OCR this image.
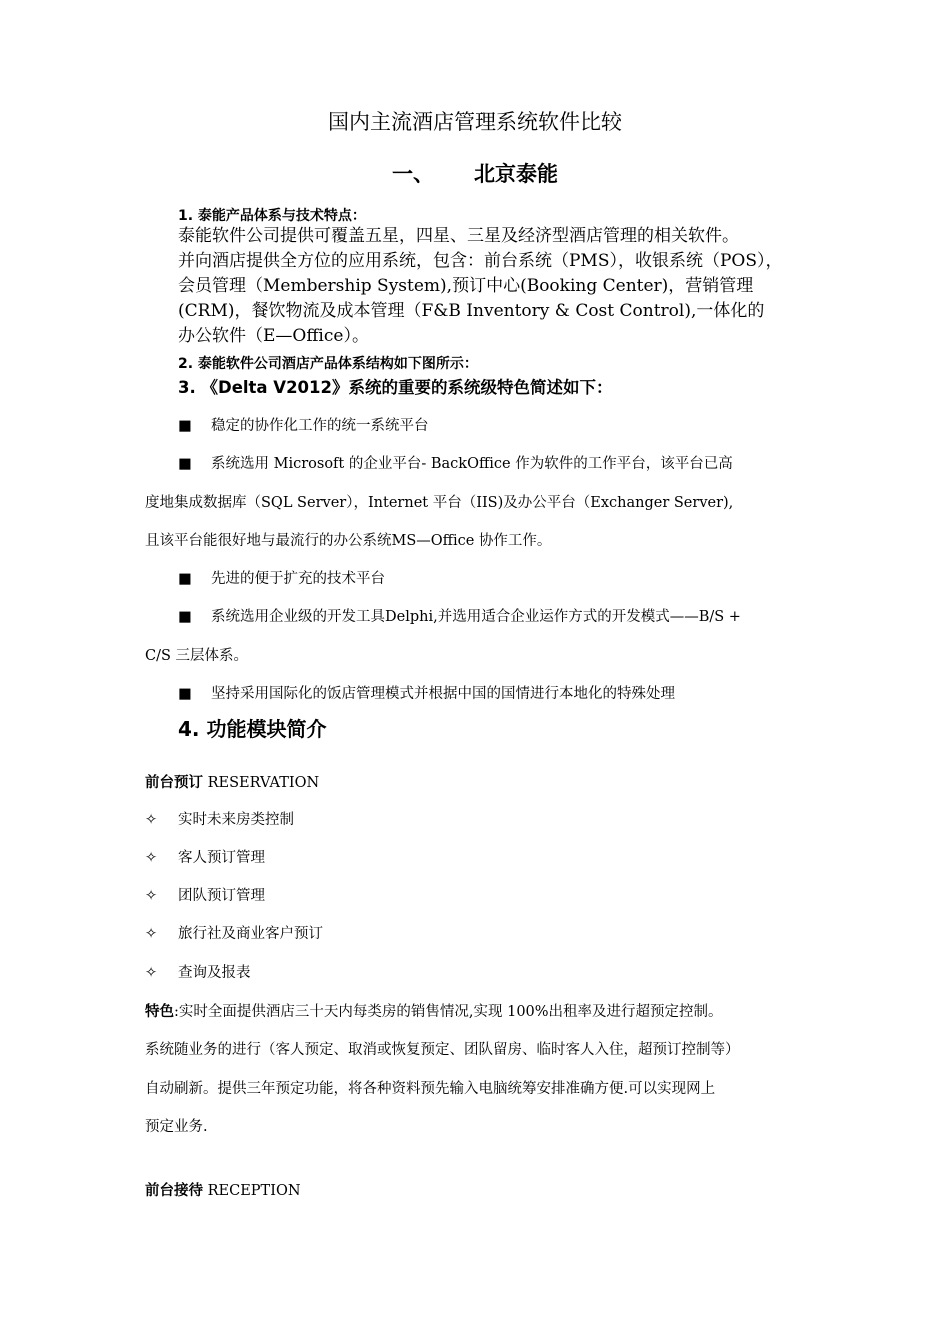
国内主流酒店管理系统软件比较
一、 北京泰能
1. 泰能产品体系与技术特点：
泰能软件公司提供可覆盖五星，四星、三星及经济型酒店管理的相关软件。
并向酒店提供全方位的应用系统，包含：前台系统（PMS），收银系统（POS），
会员管理（Membership System),预订中心(Booking Center)，营销管理
(CRM)，餐饮物流及成本管理（F&B Inventory & Cost Control),一体化的
办公软件（E—Office）。
2. 泰能软件公司酒店产品体系结构如下图所示：
3. 《Delta V2012》系统的重要的系统级特色简述如下：
■ 稳定的协作化工作的统一系统平台
■ 系统选用 Microsoft 的企业平台- BackOffice 作为软件的工作平台，该平台已高
度地集成数据库（SQL Server），Internet 平台（IIS)及办公平台（Exchanger Server),
且该平台能很好地与最流行的办公系统MS—Office 协作工作。
■ 先进的便于扩充的技术平台
■ 系统选用企业级的开发工具Delphi,并选用适合企业运作方式的开发模式——B/S +
C/S 三层体系。
■ 坚持采用国际化的饭店管理模式并根据中国的国情进行本地化的特殊处理
4. 功能模块简介
前台预订 RESERVATION
✧ 实时未来房类控制
✧ 客人预订管理
✧ 团队预订管理
✧ 旅行社及商业客户预订
✧ 查询及报表
特色:实时全面提供酒店三十天内每类房的销售情况,实现 100%出租率及进行超预定控制。
系统随业务的进行（客人预定、取消或恢复预定、团队留房、临时客人入住，超预订控制等）
自动刷新。提供三年预定功能，将各种资料预先输入电脑统筹安排准确方便.可以实现网上
预定业务.
前台接待 RECEPTION
